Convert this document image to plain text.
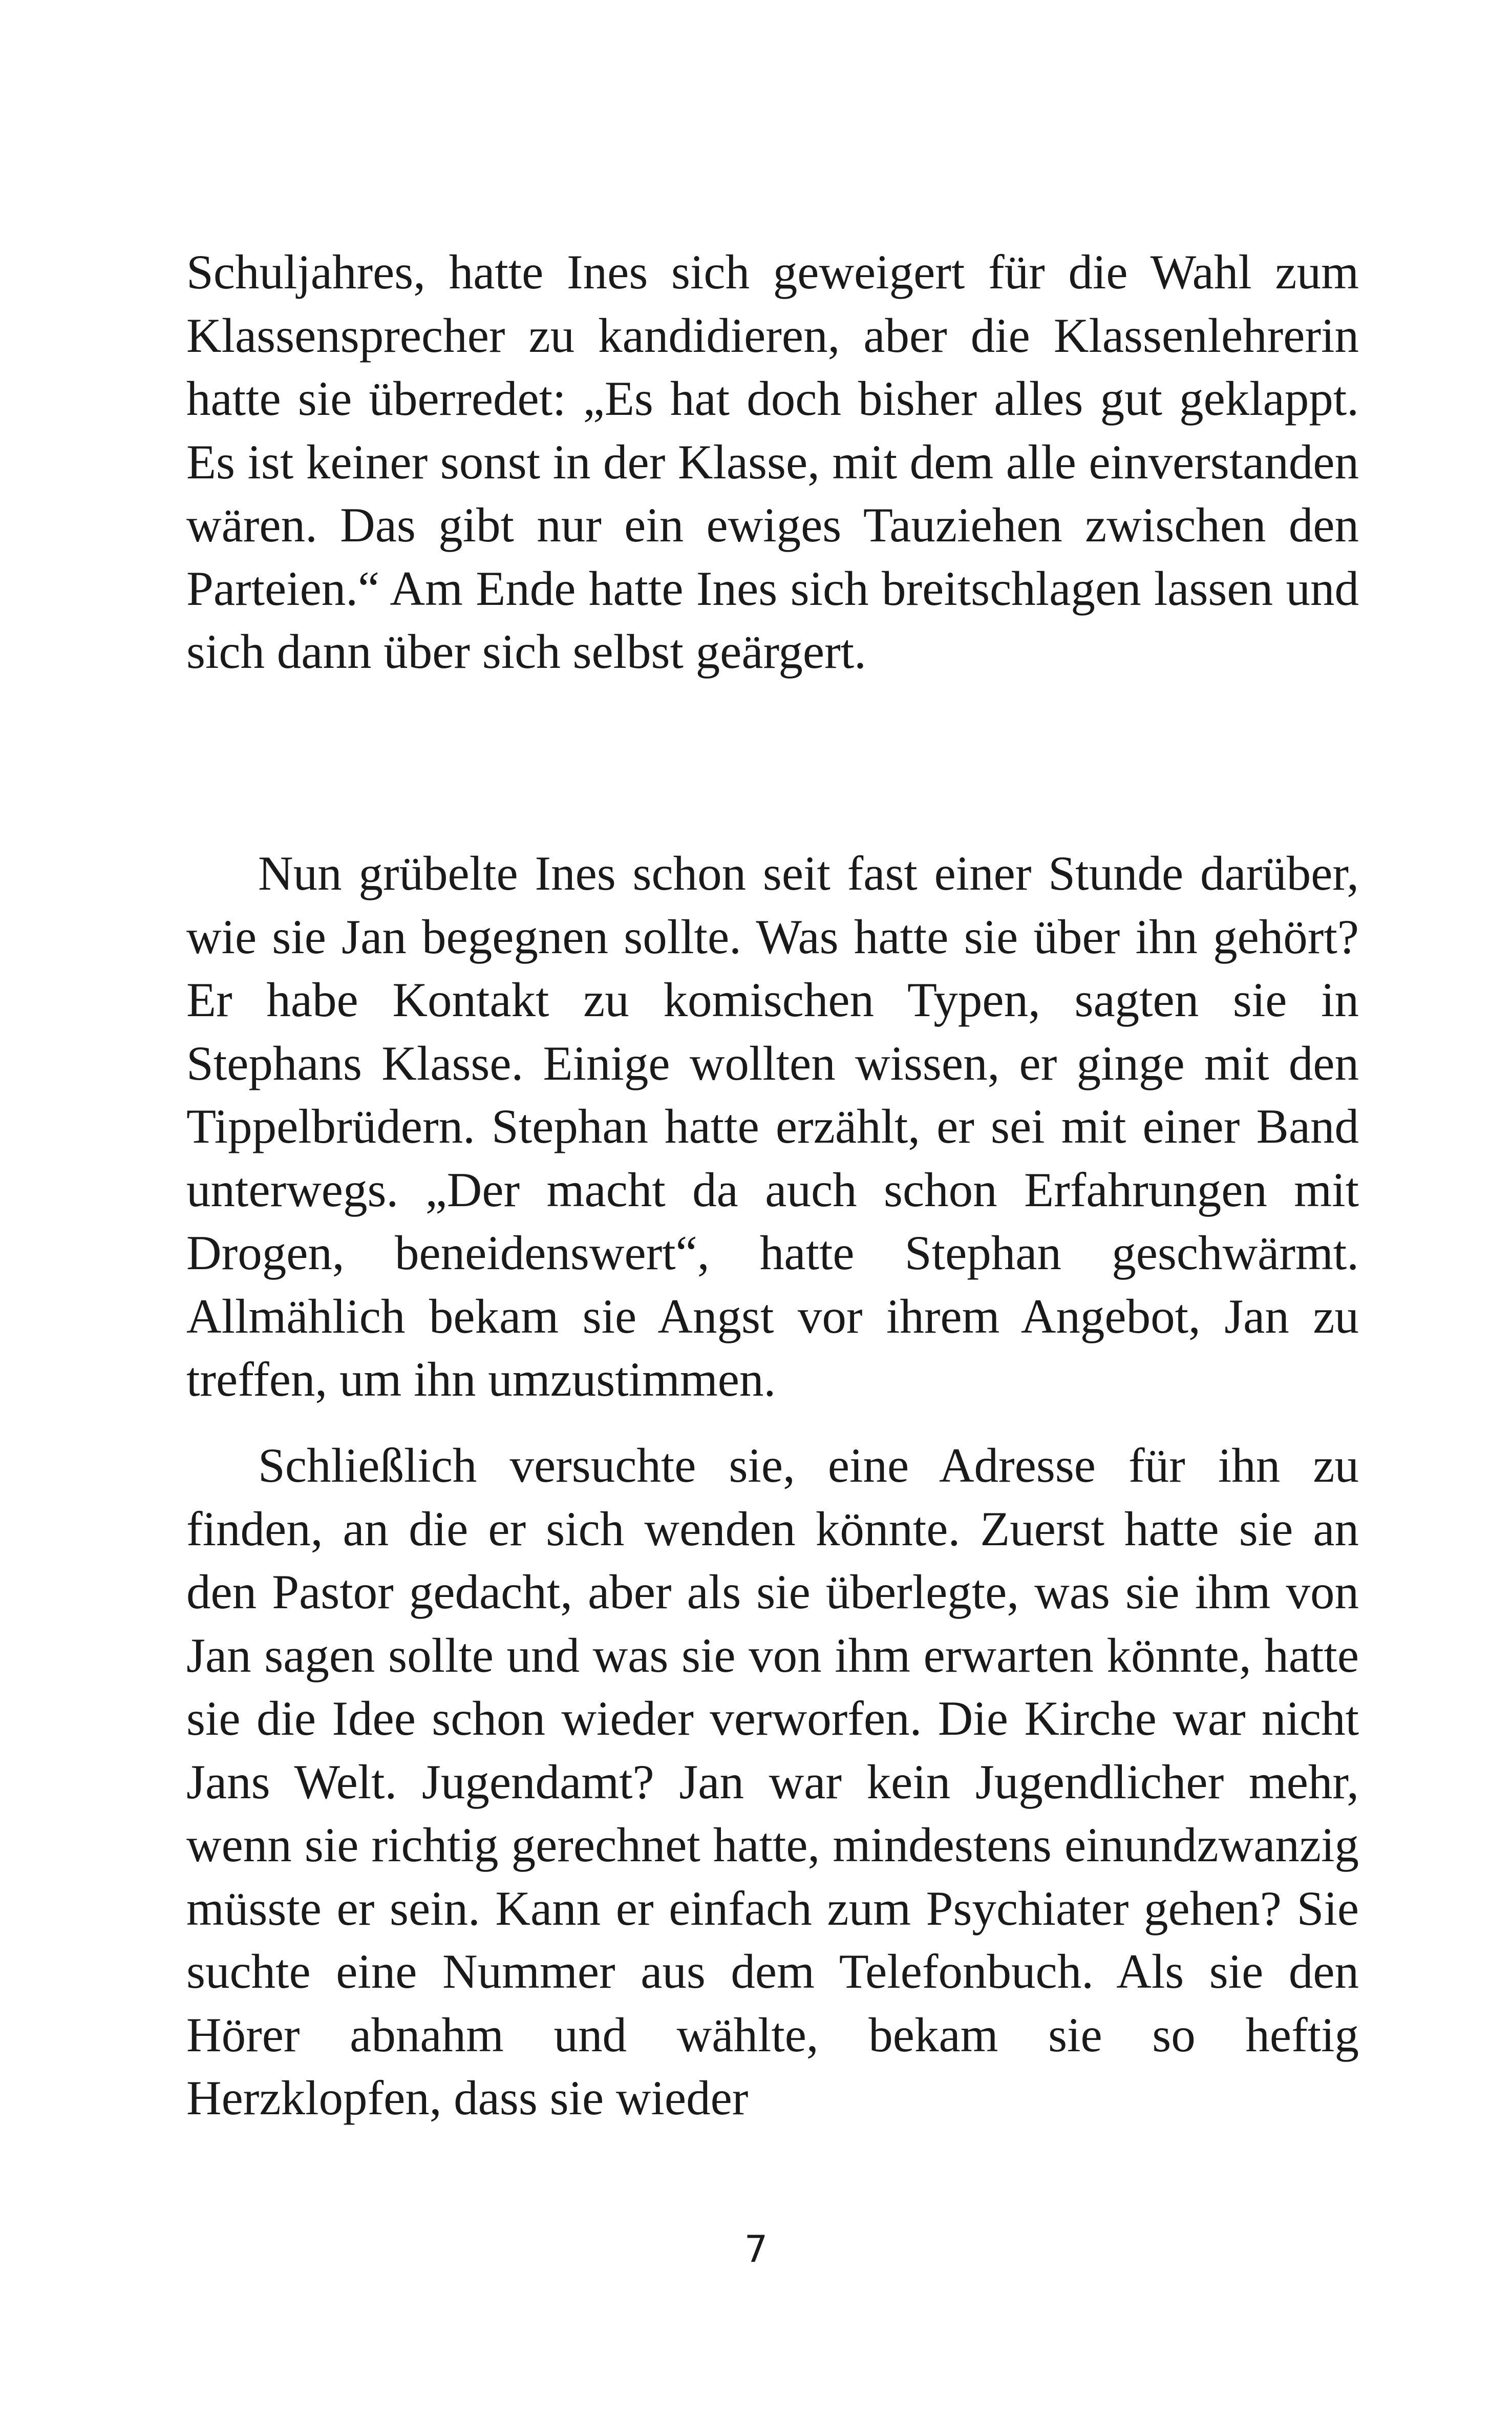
Schuljahres, hatte Ines sich geweigert für die Wahl zum Klassensprecher zu kandidieren, aber die Klassenlehrerin hatte sie überredet: „Es hat doch bisher alles gut geklappt. Es ist keiner sonst in der Klasse, mit dem alle einverstanden wären. Das gibt nur ein ewiges Tauziehen zwischen den Parteien.“ Am Ende hatte Ines sich breitschlagen lassen und sich dann über sich selbst geärgert.

Nun grübelte Ines schon seit fast einer Stunde darüber, wie sie Jan begegnen sollte. Was hatte sie über ihn gehört? Er habe Kontakt zu komischen Typen, sagten sie in Stephans Klasse. Einige wollten wissen, er ginge mit den Tippelbrüdern. Stephan hatte erzählt, er sei mit einer Band unterwegs. „Der macht da auch schon Erfahrungen mit Drogen, beneidenswert“, hatte Stephan geschwärmt. Allmählich bekam sie Angst vor ihrem Angebot, Jan zu treffen, um ihn umzustimmen.

Schließlich versuchte sie, eine Adresse für ihn zu finden, an die er sich wenden könnte. Zuerst hatte sie an den Pastor gedacht, aber als sie überlegte, was sie ihm von Jan sagen sollte und was sie von ihm erwarten könnte, hatte sie die Idee schon wieder verworfen. Die Kirche war nicht Jans Welt. Jugendamt? Jan war kein Jugendlicher mehr, wenn sie richtig gerechnet hatte, mindestens einundzwanzig müsste er sein. Kann er einfach zum Psychiater gehen? Sie suchte eine Nummer aus dem Telefonbuch. Als sie den Hörer abnahm und wählte, bekam sie so heftig Herzklopfen, dass sie wieder

7
